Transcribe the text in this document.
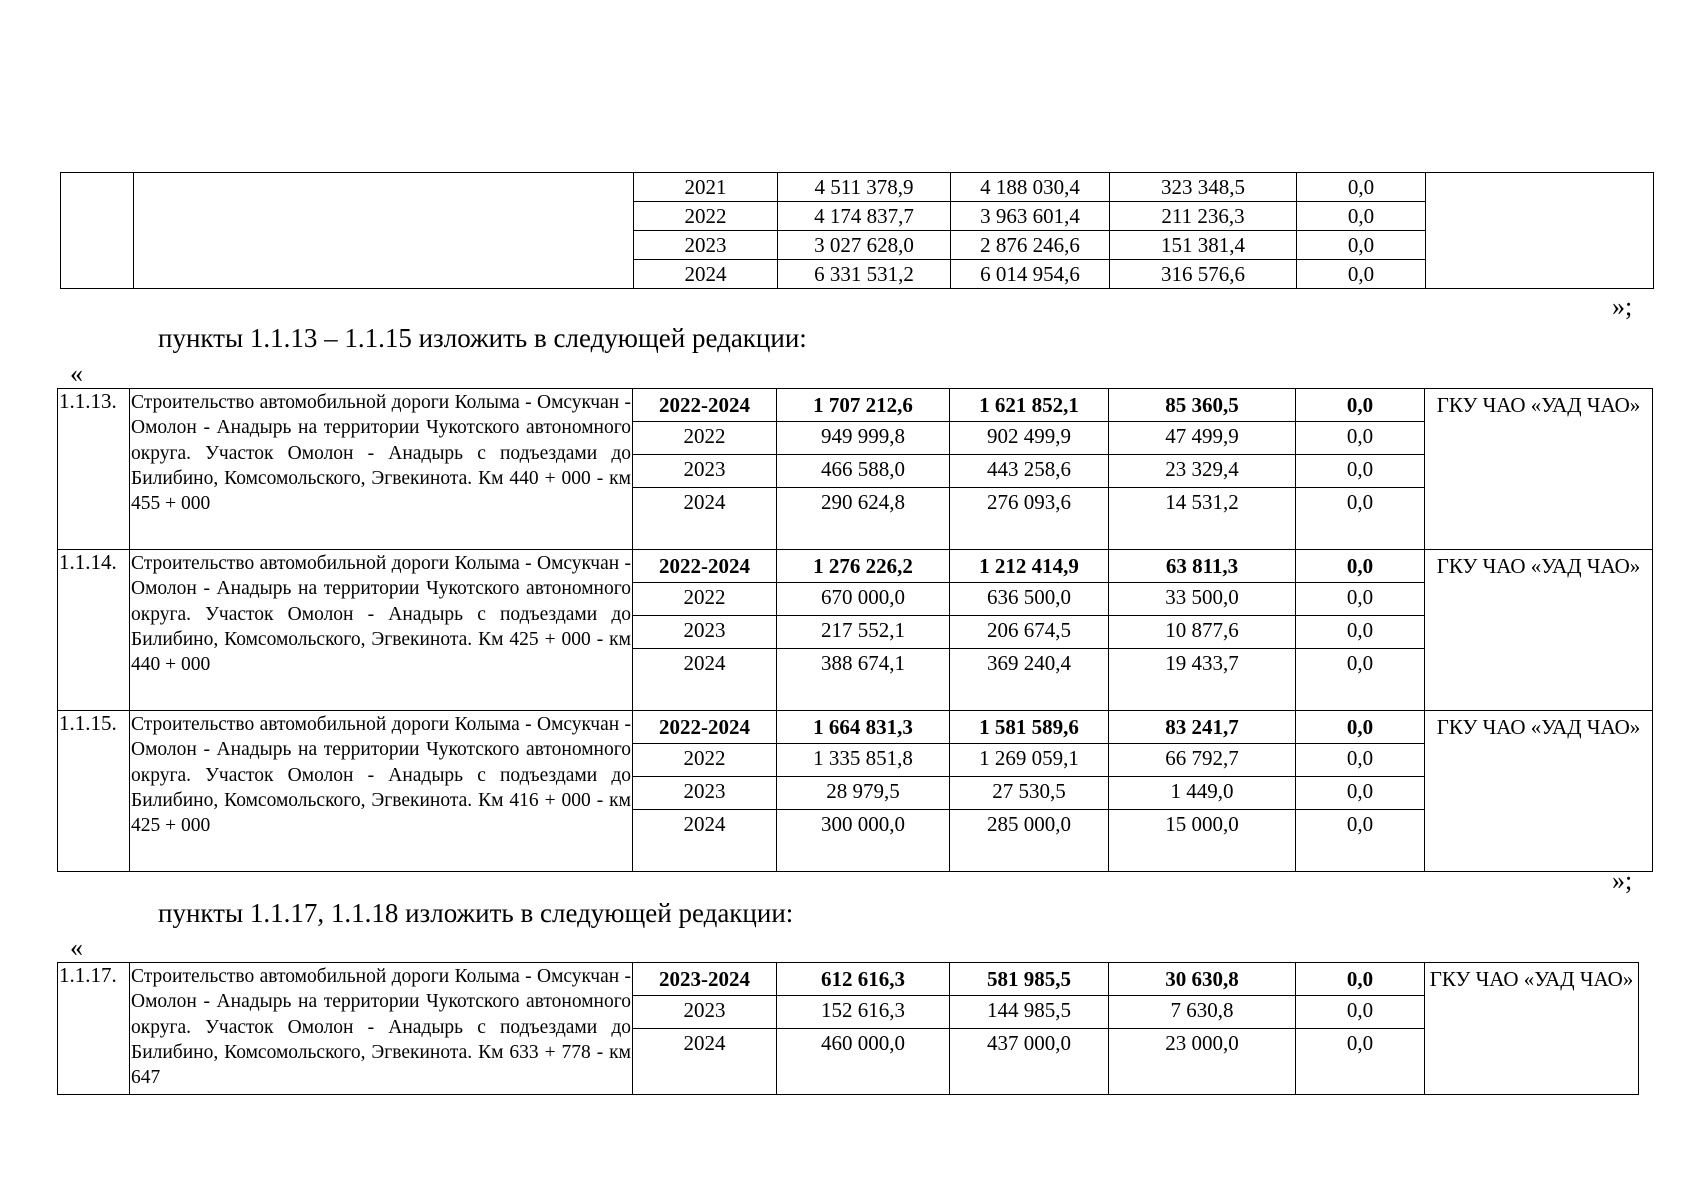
		2021	4 511 378,9	4 188 030,4	323 348,5	0,0	
		2022	4 174 837,7	3 963 601,4	211 236,3	0,0	
		2023	3 027 628,0	2 876 246,6	151 381,4	0,0	
		2024	6 331 531,2	6 014 954,6	316 576,6	0,0	
»;
пункты 1.1.13 – 1.1.15 изложить в следующей редакции:
«
1.1.13.	Строительство автомобильной дороги Колыма - Омсукчан - Омолон - Анадырь на территории Чукотского автономного округа. Участок Омолон - Анадырь с подъездами до Билибино, Комсомольского, Эгвекинота. Км 440 + 000 - км 455 + 000	2022-2024	1 707 212,6	1 621 852,1	85 360,5	0,0	ГКУ ЧАО «УАД ЧАО»
		2022	949 999,8	902 499,9	47 499,9	0,0	
		2023	466 588,0	443 258,6	23 329,4	0,0	
		2024	290 624,8	276 093,6	14 531,2	0,0	
1.1.14.	Строительство автомобильной дороги Колыма - Омсукчан - Омолон - Анадырь на территории Чукотского автономного округа. Участок Омолон - Анадырь с подъездами до Билибино, Комсомольского, Эгвекинота. Км 425 + 000 - км 440 + 000	2022-2024	1 276 226,2	1 212 414,9	63 811,3	0,0	ГКУ ЧАО «УАД ЧАО»
		2022	670 000,0	636 500,0	33 500,0	0,0	
		2023	217 552,1	206 674,5	10 877,6	0,0	
		2024	388 674,1	369 240,4	19 433,7	0,0	
1.1.15.	Строительство автомобильной дороги Колыма - Омсукчан - Омолон - Анадырь на территории Чукотского автономного округа. Участок Омолон - Анадырь с подъездами до Билибино, Комсомольского, Эгвекинота. Км 416 + 000 - км 425 + 000	2022-2024	1 664 831,3	1 581 589,6	83 241,7	0,0	ГКУ ЧАО «УАД ЧАО»
		2022	1 335 851,8	1 269 059,1	66 792,7	0,0	
		2023	28 979,5	27 530,5	1 449,0	0,0	
		2024	300 000,0	285 000,0	15 000,0	0,0	
»;
пункты 1.1.17, 1.1.18 изложить в следующей редакции:
«
1.1.17.	Строительство автомобильной дороги Колыма - Омсукчан - Омолон - Анадырь на территории Чукотского автономного округа. Участок Омолон - Анадырь с подъездами до Билибино, Комсомольского, Эгвекинота. Км 633 + 778 - км 647	2023-2024	612 616,3	581 985,5	30 630,8	0,0	ГКУ ЧАО «УАД ЧАО»
		2023	152 616,3	144 985,5	7 630,8	0,0	
		2024	460 000,0	437 000,0	23 000,0	0,0	
